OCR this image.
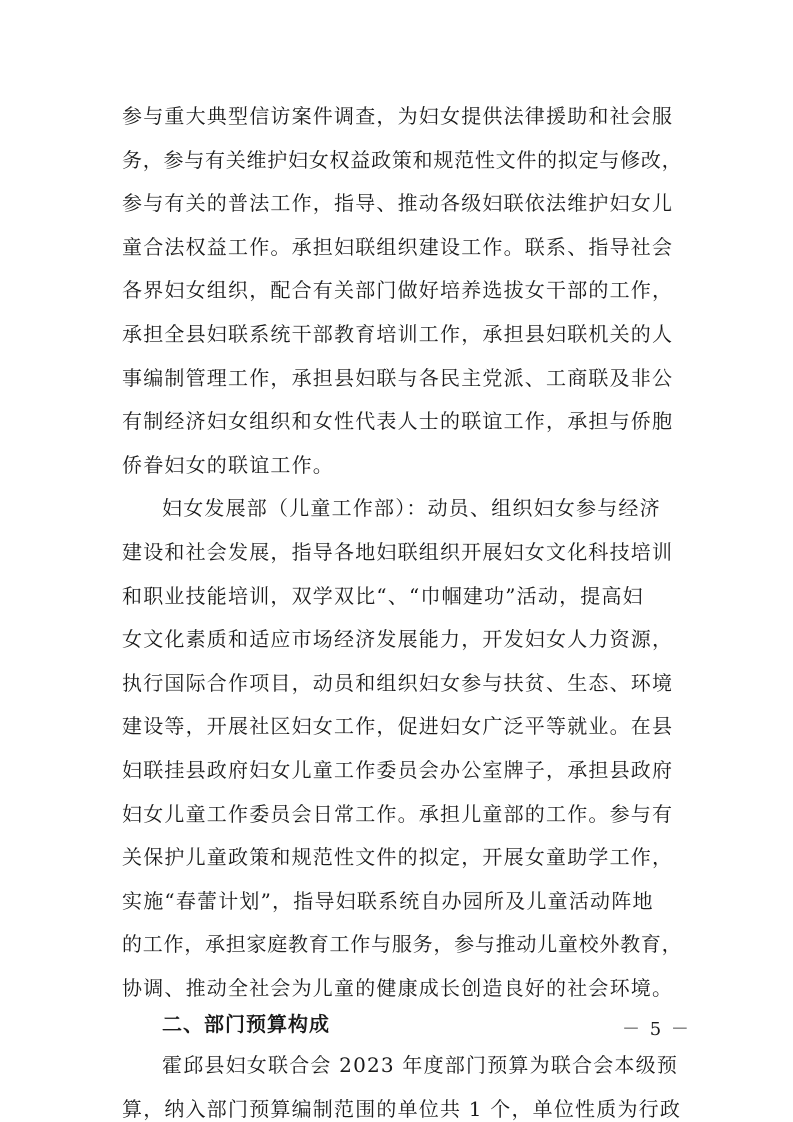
参与重大典型信访案件调查，为妇女提供法律援助和社会服
务，参与有关维护妇女权益政策和规范性文件的拟定与修改，
参与有关的普法工作，指导、推动各级妇联依法维护妇女儿
童合法权益工作。承担妇联组织建设工作。联系、指导社会
各界妇女组织，配合有关部门做好培养选拔女干部的工作，
承担全县妇联系统干部教育培训工作，承担县妇联机关的人
事编制管理工作，承担县妇联与各民主党派、工商联及非公
有制经济妇女组织和女性代表人士的联谊工作，承担与侨胞
侨眷妇女的联谊工作。
妇女发展部（儿童工作部）：动员、组织妇女参与经济
建设和社会发展，指导各地妇联组织开展妇女文化科技培训
和职业技能培训，双学双比“、“巾帼建功”活动，提高妇
女文化素质和适应市场经济发展能力，开发妇女人力资源，
执行国际合作项目，动员和组织妇女参与扶贫、生态、环境
建设等，开展社区妇女工作，促进妇女广泛平等就业。在县
妇联挂县政府妇女儿童工作委员会办公室牌子，承担县政府
妇女儿童工作委员会日常工作。承担儿童部的工作。参与有
关保护儿童政策和规范性文件的拟定，开展女童助学工作，
实施“春蕾计划”，指导妇联系统自办园所及儿童活动阵地
的工作，承担家庭教育工作与服务，参与推动儿童校外教育，
协调、推动全社会为儿童的健康成长创造良好的社会环境。
二、部门预算构成
霍邱县妇女联合会 2023 年度部门预算为联合会本级预
算，纳入部门预算编制范围的单位共 1 个，单位性质为行政
－ 5 －
